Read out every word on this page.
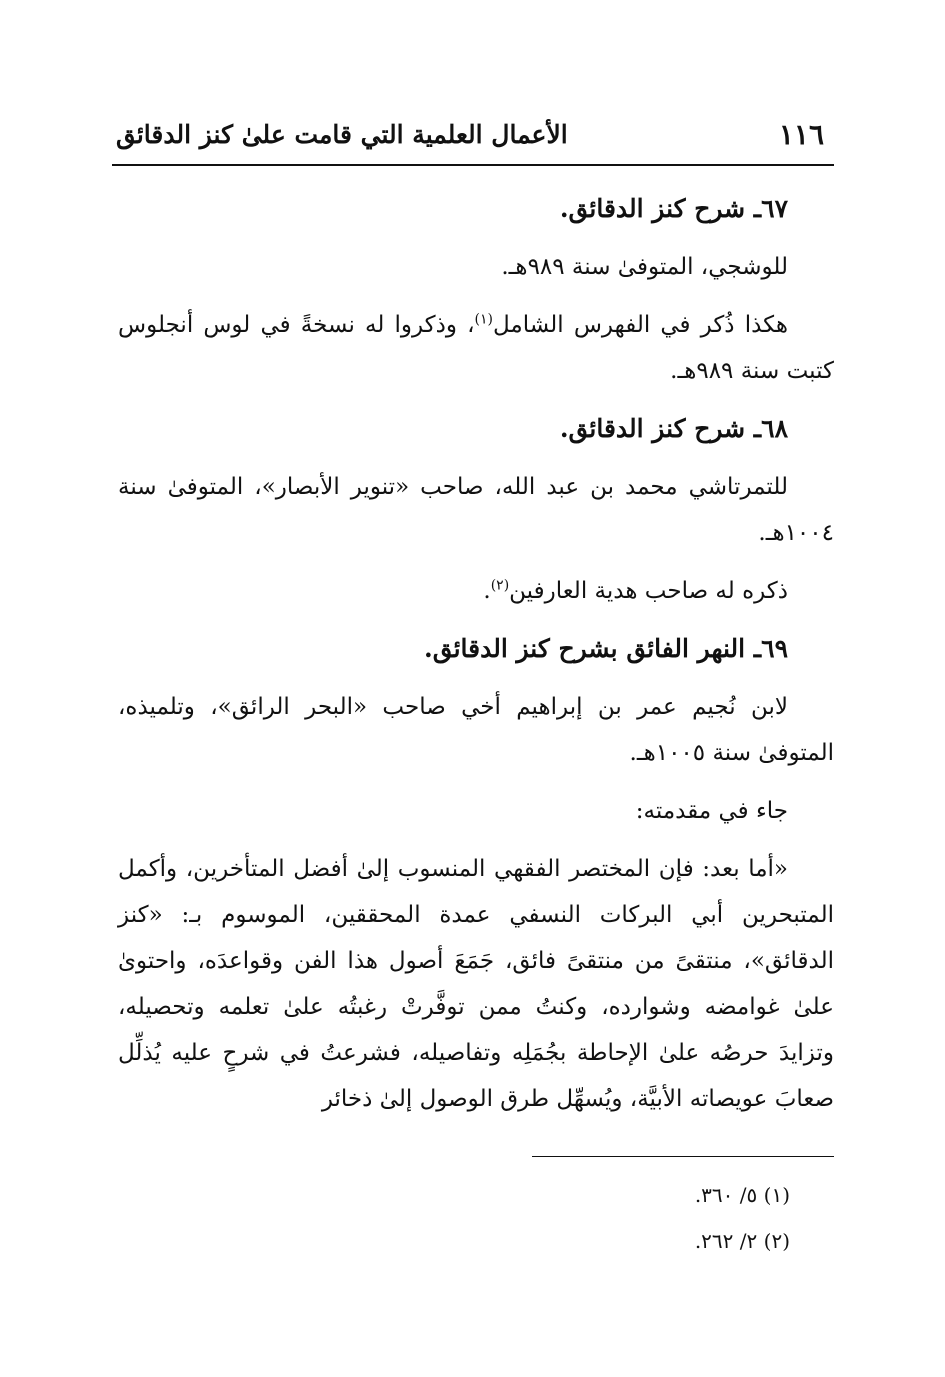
١١٦
الأعمال العلمية التي قامت علىٰ كنز الدقائق

٦٧ـ شرح كنز الدقائق.

للوشجي، المتوفىٰ سنة ٩٨٩هـ.

هكذا ذُكر في الفهرس الشامل$^{(١)}$، وذكروا له نسخةً في لوس أنجلوس كتبت سنة ٩٨٩هـ.

٦٨ـ شرح كنز الدقائق.

للتمرتاشي محمد بن عبد الله، صاحب «تنوير الأبصار»، المتوفىٰ سنة ١٠٠٤هـ.

ذكره له صاحب هدية العارفين$^{(٢)}$.

٦٩ـ النهر الفائق بشرح كنز الدقائق.

لابن نُجيم عمر بن إبراهيم أخي صاحب «البحر الرائق»، وتلميذه، المتوفىٰ سنة ١٠٠٥هـ.

جاء في مقدمته:

«أما بعد: فإن المختصر الفقهي المنسوب إلىٰ أفضل المتأخرين، وأكمل المتبحرين أبي البركات النسفي عمدة المحققين، الموسوم بـ: «كنز الدقائق»، منتقىً من منتقىً فائق، جَمَعَ أصول هذا الفن وقواعدَه، واحتوىٰ علىٰ غوامضه وشوارده، وكنتُ ممن توفَّرتْ رغبتُه علىٰ تعلمه وتحصيله، وتزايدَ حرصُه علىٰ الإحاطة بجُمَلِه وتفاصيله، فشرعتُ في شرحٍ عليه يُذلِّل صعابَ عويصاته الأبيَّة، ويُسهِّل طرق الوصول إلىٰ ذخائر

(١) ٥/ ٣٦٠.

(٢) ٢/ ٢٦٢.
